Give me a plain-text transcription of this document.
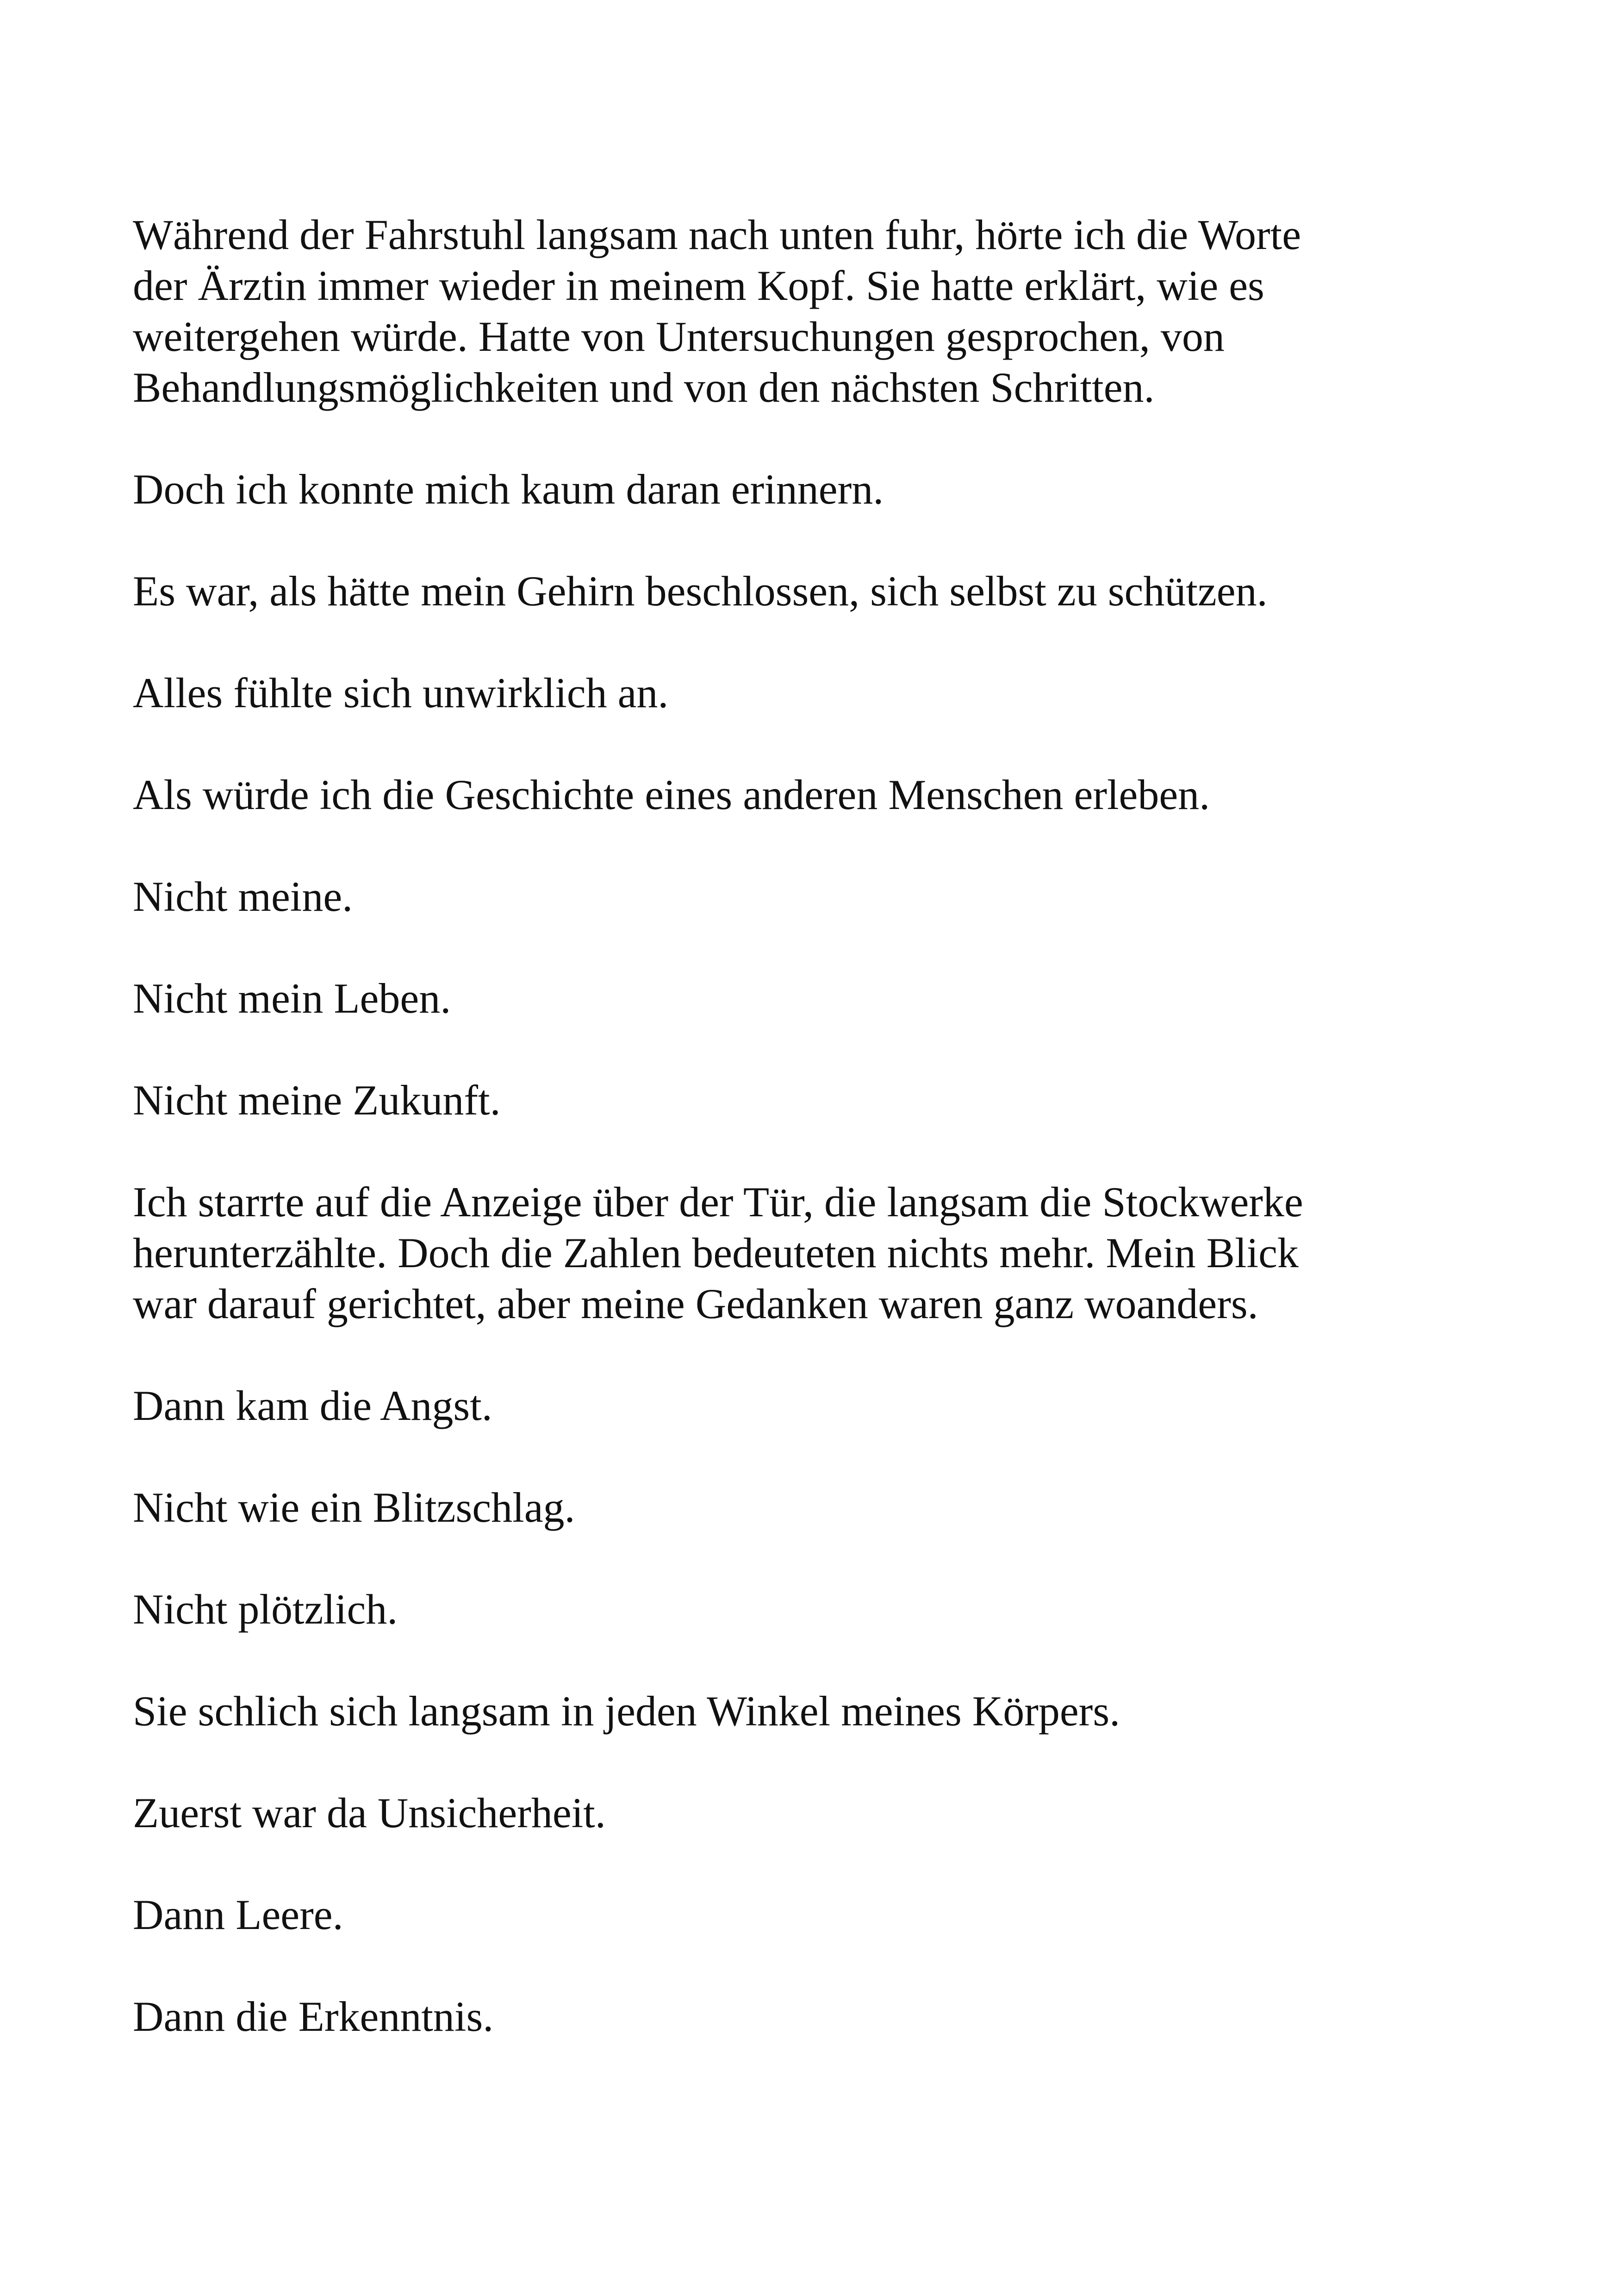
Während der Fahrstuhl langsam nach unten fuhr, hörte ich die Worte
der Ärztin immer wieder in meinem Kopf. Sie hatte erklärt, wie es
weitergehen würde. Hatte von Untersuchungen gesprochen, von
Behandlungsmöglichkeiten und von den nächsten Schritten.

Doch ich konnte mich kaum daran erinnern.

Es war, als hätte mein Gehirn beschlossen, sich selbst zu schützen.

Alles fühlte sich unwirklich an.

Als würde ich die Geschichte eines anderen Menschen erleben.

Nicht meine.

Nicht mein Leben.

Nicht meine Zukunft.

Ich starrte auf die Anzeige über der Tür, die langsam die Stockwerke
herunterzählte. Doch die Zahlen bedeuteten nichts mehr. Mein Blick
war darauf gerichtet, aber meine Gedanken waren ganz woanders.

Dann kam die Angst.

Nicht wie ein Blitzschlag.

Nicht plötzlich.

Sie schlich sich langsam in jeden Winkel meines Körpers.

Zuerst war da Unsicherheit.

Dann Leere.

Dann die Erkenntnis.
